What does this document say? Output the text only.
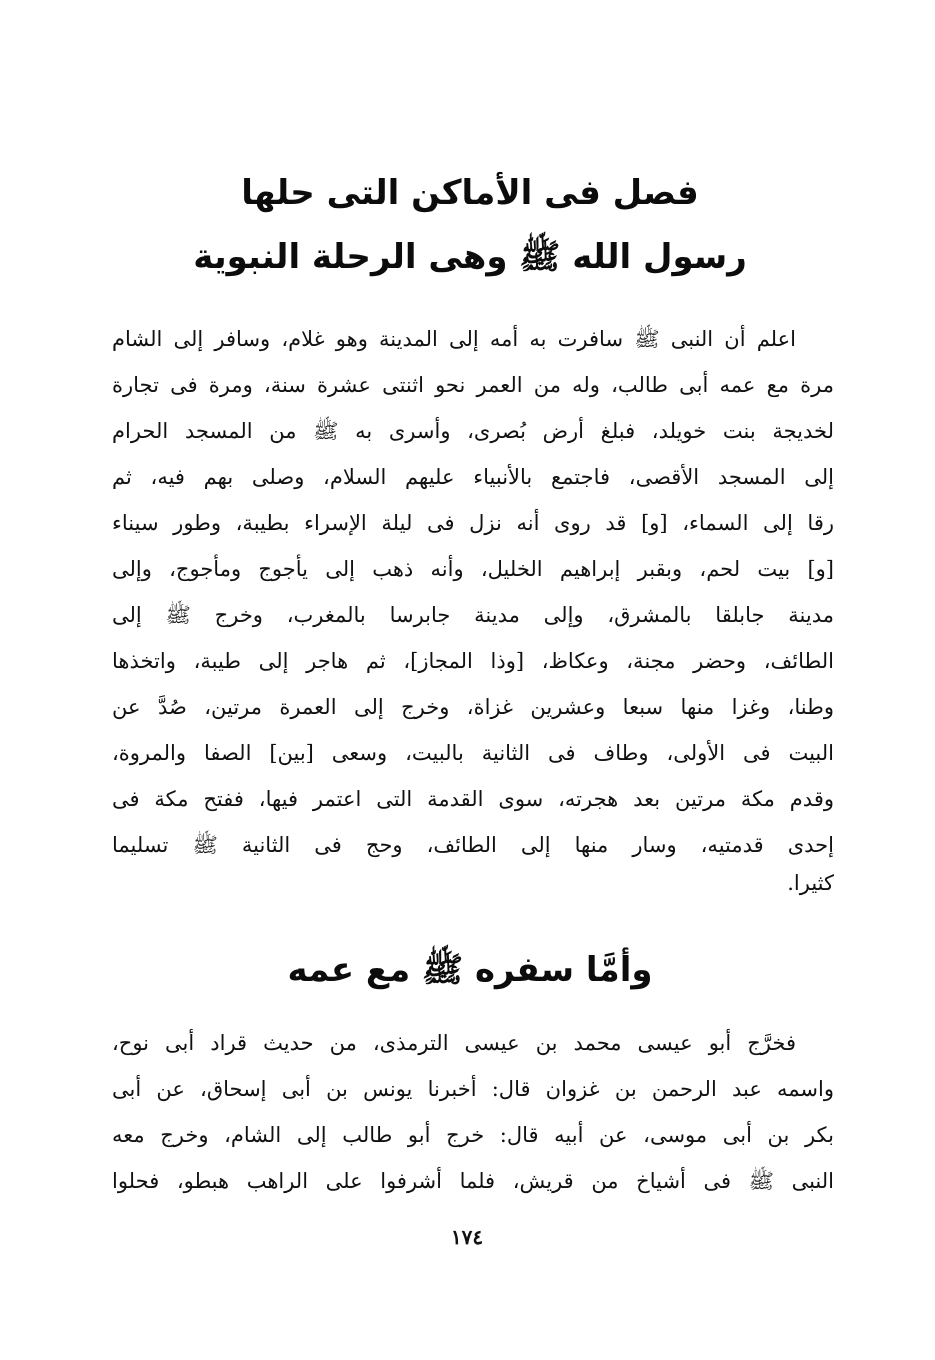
فصل فى الأماكن التى حلها
رسول الله ﷺ وهى الرحلة النبوية
اعلم أن النبى ﷺ سافرت به أمه إلى المدينة وهو غلام، وسافر إلى الشام
مرة مع عمه أبى طالب، وله من العمر نحو اثنتى عشرة سنة، ومرة فى تجارة
لخديجة بنت خويلد، فبلغ أرض بُصرى، وأسرى به ﷺ من المسجد الحرام
إلى المسجد الأقصى، فاجتمع بالأنبياء عليهم السلام، وصلى بهم فيه، ثم
رقا إلى السماء، [و] قد روى أنه نزل فى ليلة الإسراء بطيبة، وطور سيناء
[و] بيت لحم، وبقبر إبراهيم الخليل، وأنه ذهب إلى يأجوج ومأجوج، وإلى
مدينة جابلقا بالمشرق، وإلى مدينة جابرسا بالمغرب، وخرج ﷺ إلى
الطائف، وحضر مجنة، وعكاظ، [وذا المجاز]، ثم هاجر إلى طيبة، واتخذها
وطنا، وغزا منها سبعا وعشرين غزاة، وخرج إلى العمرة مرتين، صُدَّ عن
البيت فى الأولى، وطاف فى الثانية بالبيت، وسعى [بين] الصفا والمروة،
وقدم مكة مرتين بعد هجرته، سوى القدمة التى اعتمر فيها، ففتح مكة فى
إحدى قدمتيه، وسار منها إلى الطائف، وحج فى الثانية ﷺ تسليما
كثيرا.
وأمَّا سفره ﷺ مع عمه
فخرَّج أبو عيسى محمد بن عيسى الترمذى، من حديث قراد أبى نوح،
واسمه عبد الرحمن بن غزوان قال: أخبرنا يونس بن أبى إسحاق، عن أبى
بكر بن أبى موسى، عن أبيه قال: خرج أبو طالب إلى الشام، وخرج معه
النبى ﷺ فى أشياخ من قريش، فلما أشرفوا على الراهب هبطو، فحلوا
١٧٤
